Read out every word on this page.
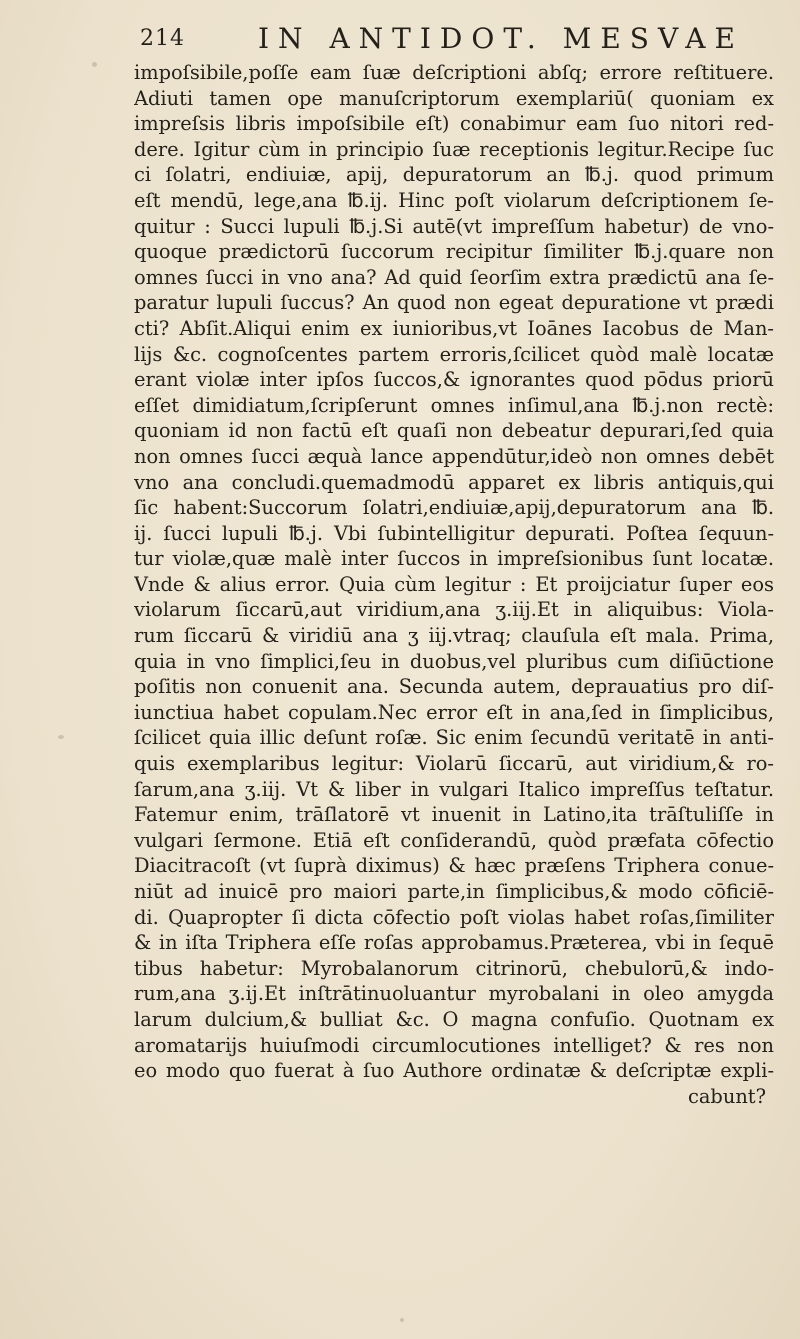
214	IN ANTIDOT. MESVAE
impoſsibile,poſſe eam ſuæ deſcriptioni abſq; errore reſtituere.
Adiuti tamen ope manuſcriptorum exemplariū( quoniam ex
impreſsis libris impoſsibile eſt) conabimur eam ſuo nitori red-
dere. Igitur cùm in principio ſuæ receptionis legitur.Recipe ſuc
ci ſolatri, endiuiæ, apij, depuratorum an ℔.j. quod primum
eſt mendū, lege,ana ℔.ij. Hinc poſt violarum deſcriptionem ſe-
quitur : Succi lupuli ℔.j.Si autē(vt impreſſum habetur) de vno-
quoque prædictorū ſuccorum recipitur ſimiliter ℔.j.quare non
omnes ſucci in vno ana? Ad quid ſeorſim extra prædictū ana ſe-
paratur lupuli ſuccus? An quod non egeat depuratione vt prædi
cti? Abſit.Aliqui enim ex iunioribus,vt Ioānes Iacobus de Man-
lijs &c. cognoſcentes partem erroris,ſcilicet quòd malè locatæ
erant violæ inter ipſos ſuccos,& ignorantes quod pōdus priorū
eſſet dimidiatum,ſcripſerunt omnes inſimul,ana ℔.j.non rectè:
quoniam id non factū eſt quaſi non debeatur depurari,ſed quia
non omnes ſucci æquà lance appendūtur,ideò non omnes debēt
vno ana concludi.quemadmodū apparet ex libris antiquis,qui
ſic habent:Succorum ſolatri,endiuiæ,apij,depuratorum ana ℔.
ij. ſucci lupuli ℔.j. Vbi ſubintelligitur depurati. Poſtea ſequun-
tur violæ,quæ malè inter ſuccos in impreſsionibus ſunt locatæ.
Vnde & alius error. Quia cùm legitur : Et proijciatur ſuper eos
violarum ſiccarū,aut viridium,ana ʒ.iij.Et in aliquibus: Viola-
rum ſiccarū & viridiū ana ʒ iij.vtraq; clauſula eſt mala. Prima,
quia in vno ſimplici,ſeu in duobus,vel pluribus cum diſiūctione
poſitis non conuenit ana. Secunda autem, deprauatius pro diſ-
iunctiua habet copulam.Nec error eſt in ana,ſed in ſimplicibus,
ſcilicet quia illic deſunt roſæ. Sic enim ſecundū veritatē in anti-
quis exemplaribus legitur: Violarū ſiccarū, aut viridium,& ro-
ſarum,ana ʒ.iij. Vt & liber in vulgari Italico impreſſus teſtatur.
Fatemur enim, trāſlatorē vt inuenit in Latino,ita trāſtuliſſe in
vulgari ſermone. Etiā eſt conſiderandū, quòd præfata cōfectio
Diacitracoſt (vt ſuprà diximus) & hæc præſens Triphera conue-
niūt ad inuicē pro maiori parte,in ſimplicibus,& modo cōficiē-
di. Quapropter ſi dicta cōfectio poſt violas habet roſas,ſimiliter
& in iſta Triphera eſſe roſas approbamus.Præterea, vbi in ſequē
tibus habetur: Myrobalanorum citrinorū, chebulorū,& indo-
rum,ana ʒ.ij.Et inſtrātinuoluantur myrobalani in oleo amygda
larum dulcium,& bulliat &c. O magna confuſio. Quotnam ex
aromatarijs huiuſmodi circumlocutiones intelliget? & res non
eo modo quo fuerat à ſuo Authore ordinatæ & deſcriptæ expli-
cabunt?
